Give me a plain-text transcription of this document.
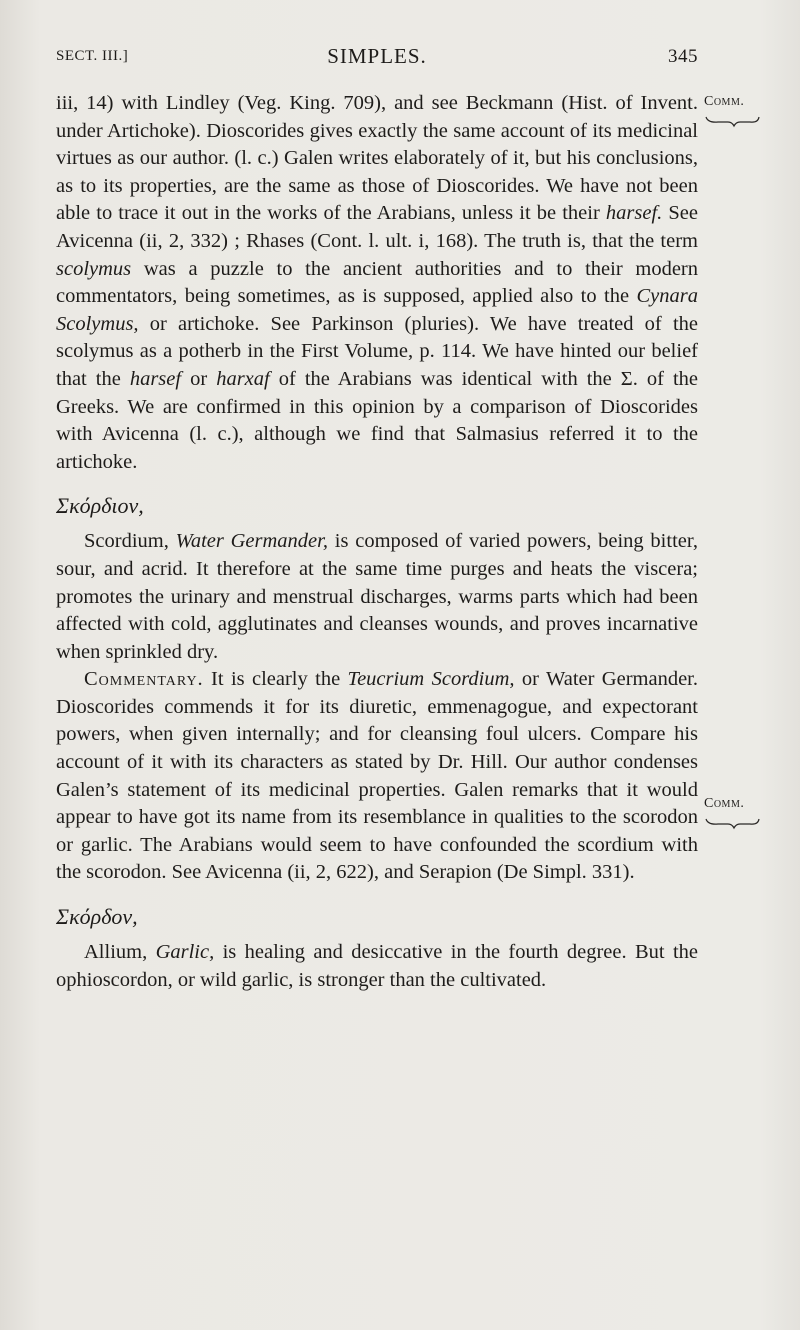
SECT. III.]	SIMPLES.	345
Comm.
Comm.

iii, 14) with Lindley (Veg. King. 709), and see Beckmann (Hist. of Invent. under Artichoke). Dioscorides gives exactly the same account of its medicinal virtues as our author. (l. c.) Galen writes elaborately of it, but his conclusions, as to its properties, are the same as those of Dioscorides. We have not been able to trace it out in the works of the Arabians, unless it be their harsef. See Avicenna (ii, 2, 332) ; Rhases (Cont. l. ult. i, 168). The truth is, that the term scolymus was a puzzle to the ancient authorities and to their modern commentators, being sometimes, as is supposed, applied also to the Cynara Scolymus, or artichoke. See Parkinson (pluries). We have treated of the scolymus as a potherb in the First Volume, p. 114. We have hinted our belief that the harsef or harxaf of the Arabians was identical with the Σ. of the Greeks. We are confirmed in this opinion by a comparison of Dioscorides with Avicenna (l. c.), although we find that Salmasius referred it to the artichoke.

Σκόρδιον,

Scordium, Water Germander, is composed of varied powers, being bitter, sour, and acrid. It therefore at the same time purges and heats the viscera; promotes the urinary and menstrual discharges, warms parts which had been affected with cold, agglutinates and cleanses wounds, and proves incarnative when sprinkled dry.

Commentary. It is clearly the Teucrium Scordium, or Water Germander. Dioscorides commends it for its diuretic, emmenagogue, and expectorant powers, when given internally; and for cleansing foul ulcers. Compare his account of it with its characters as stated by Dr. Hill. Our author condenses Galen’s statement of its medicinal properties. Galen remarks that it would appear to have got its name from its resemblance in qualities to the scorodon or garlic. The Arabians would seem to have confounded the scordium with the scorodon. See Avicenna (ii, 2, 622), and Serapion (De Simpl. 331).

Σκόρδον,

Allium, Garlic, is healing and desiccative in the fourth degree. But the ophioscordon, or wild garlic, is stronger than the cultivated.
